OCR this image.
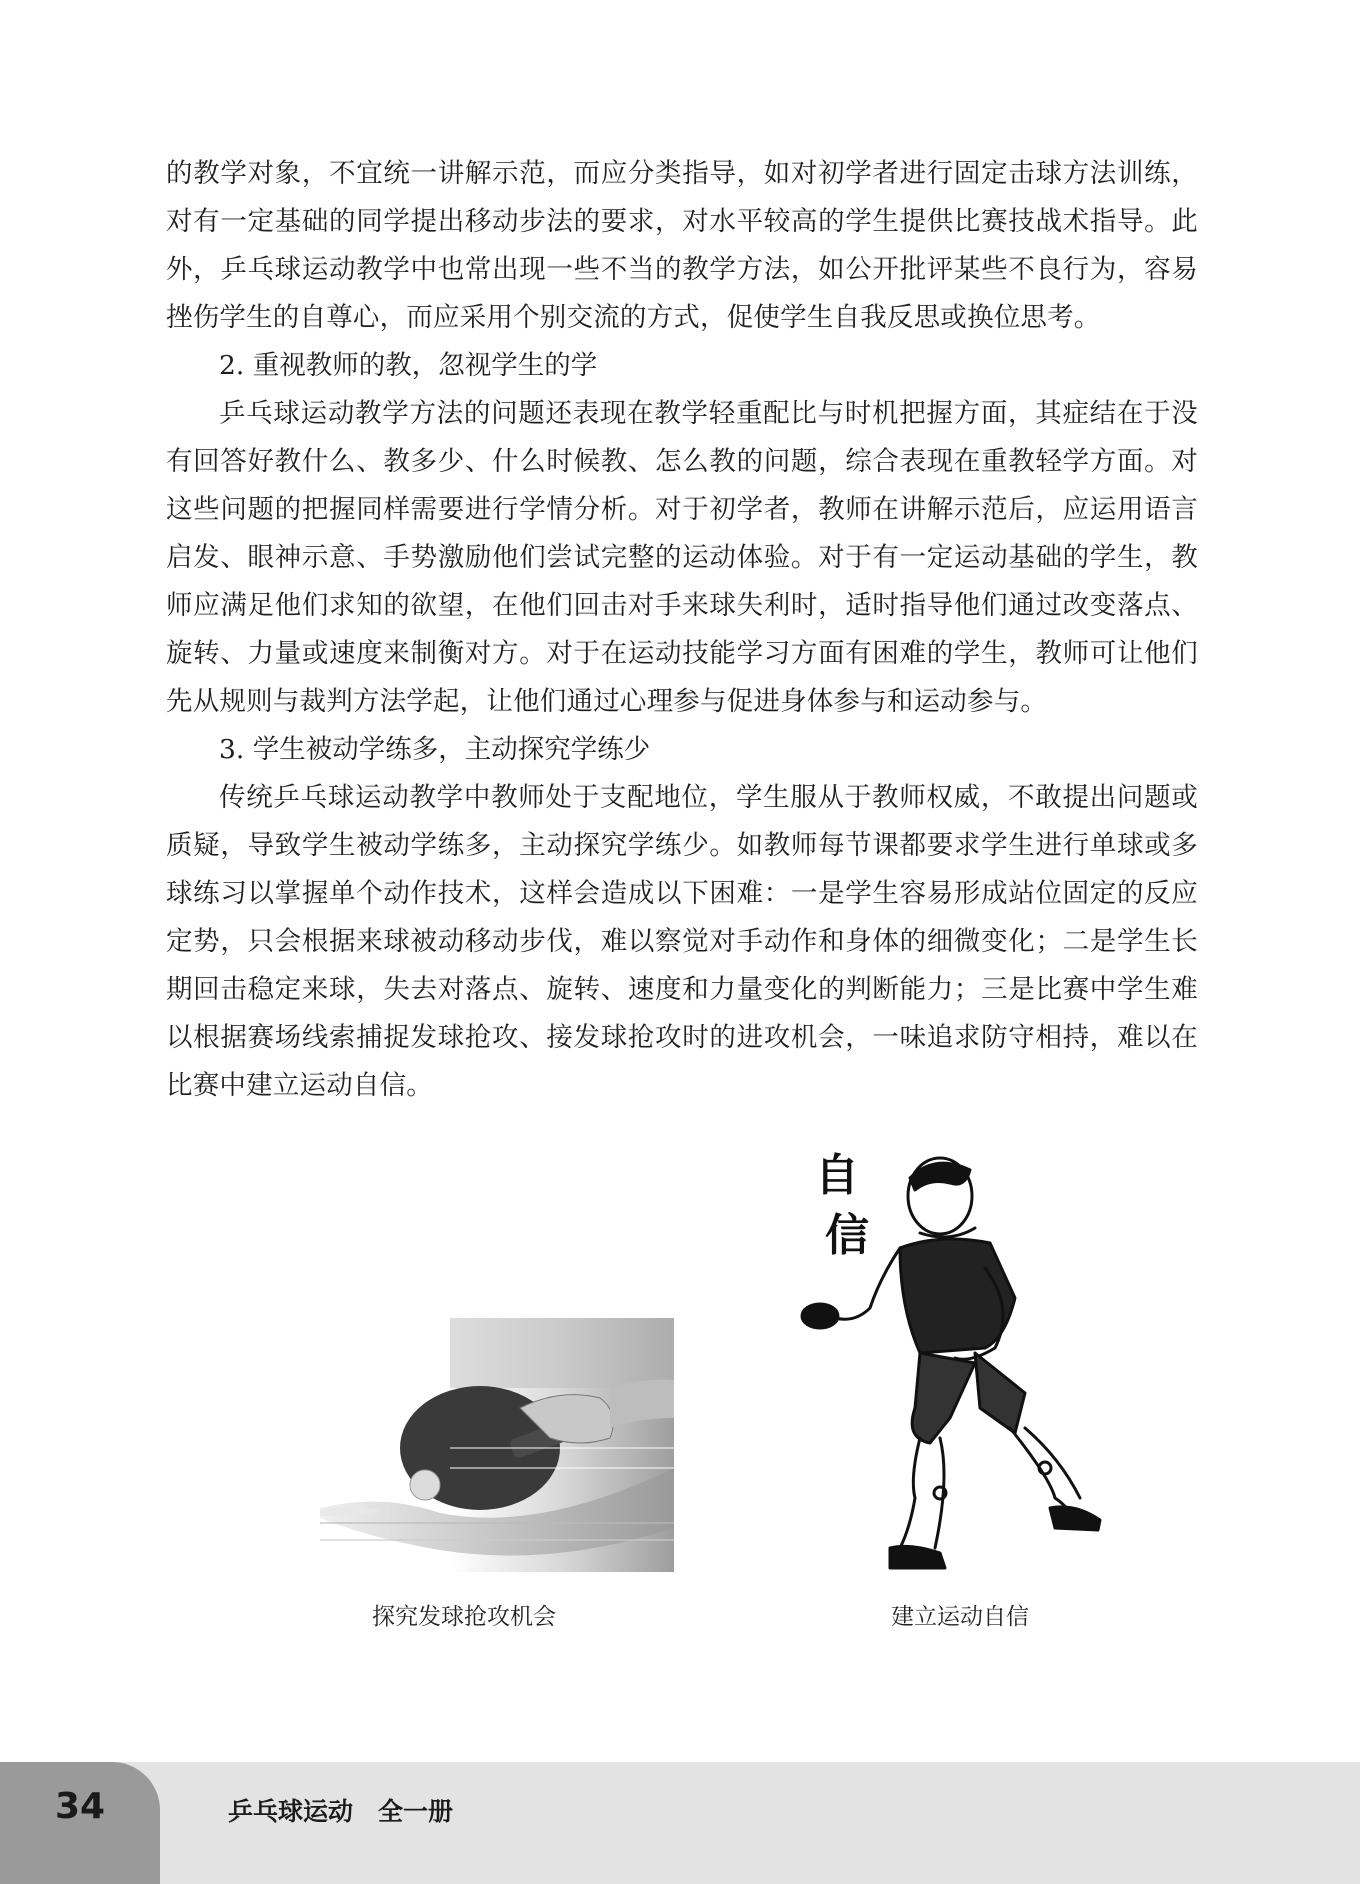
的教学对象，不宜统一讲解示范，而应分类指导，如对初学者进行固定击球方法训练，对有一定基础的同学提出移动步法的要求，对水平较高的学生提供比赛技战术指导。此外，乒乓球运动教学中也常出现一些不当的教学方法，如公开批评某些不良行为，容易挫伤学生的自尊心，而应采用个别交流的方式，促使学生自我反思或换位思考。

2. 重视教师的教，忽视学生的学

乒乓球运动教学方法的问题还表现在教学轻重配比与时机把握方面，其症结在于没有回答好教什么、教多少、什么时候教、怎么教的问题，综合表现在重教轻学方面。对这些问题的把握同样需要进行学情分析。对于初学者，教师在讲解示范后，应运用语言启发、眼神示意、手势激励他们尝试完整的运动体验。对于有一定运动基础的学生，教师应满足他们求知的欲望，在他们回击对手来球失利时，适时指导他们通过改变落点、旋转、力量或速度来制衡对方。对于在运动技能学习方面有困难的学生，教师可让他们先从规则与裁判方法学起，让他们通过心理参与促进身体参与和运动参与。

3. 学生被动学练多，主动探究学练少

传统乒乓球运动教学中教师处于支配地位，学生服从于教师权威，不敢提出问题或质疑，导致学生被动学练多，主动探究学练少。如教师每节课都要求学生进行单球或多球练习以掌握单个动作技术，这样会造成以下困难：一是学生容易形成站位固定的反应定势，只会根据来球被动移动步伐，难以察觉对手动作和身体的细微变化；二是学生长期回击稳定来球，失去对落点、旋转、速度和力量变化的判断能力；三是比赛中学生难以根据赛场线索捕捉发球抢攻、接发球抢攻时的进攻机会，一味追求防守相持，难以在比赛中建立运动自信。

探究发球抢攻机会
自
信
建立运动自信
34	乒乓球运动　全一册
